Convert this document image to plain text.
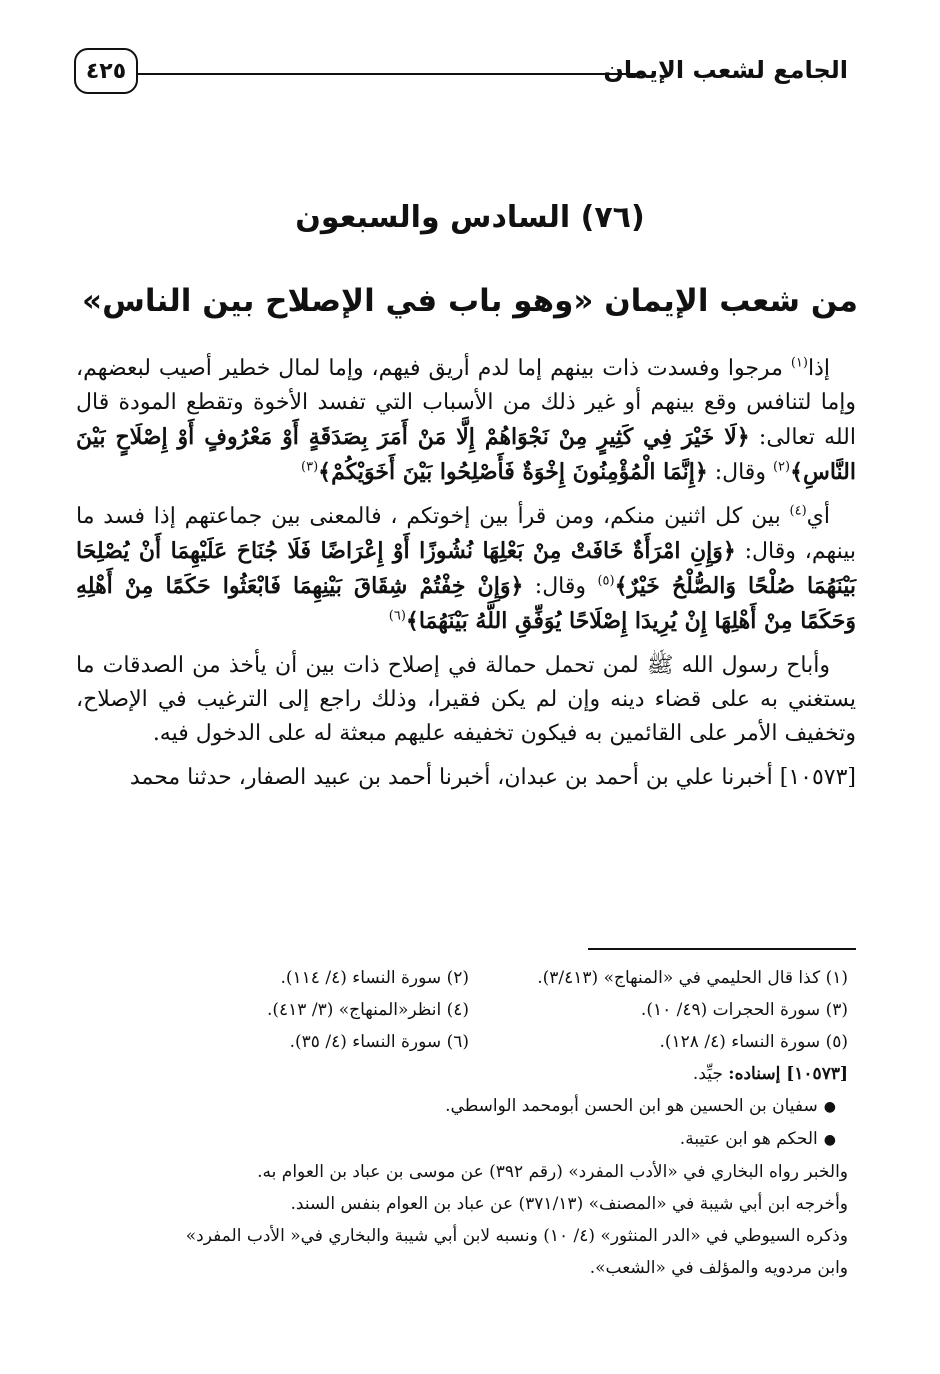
الجامع لشعب الإيمان
٤٢٥
(٧٦) السادس والسبعون
من شعب الإيمان «وهو باب في الإصلاح بين الناس»

إذا$^{(١)}$ مرجوا وفسدت ذات بينهم إما لدم أريق فيهم، وإما لمال خطير أصيب لبعضهم، وإما لتنافس وقع بينهم أو غير ذلك من الأسباب التي تفسد الأخوة وتقطع المودة قال الله تعالى: ﴿لَا خَيْرَ فِي كَثِيرٍ مِنْ نَجْوَاهُمْ إِلَّا مَنْ أَمَرَ بِصَدَقَةٍ أَوْ مَعْرُوفٍ أَوْ إِصْلَاحٍ بَيْنَ النَّاسِ﴾$^{(٢)}$ وقال: ﴿إِنَّمَا الْمُؤْمِنُونَ إِخْوَةٌ فَأَصْلِحُوا بَيْنَ أَخَوَيْكُمْ﴾$^{(٣)}$

أي$^{(٤)}$ بين كل اثنين منكم، ومن قرأ بين إخوتكم ، فالمعنى بين جماعتهم إذا فسد ما بينهم، وقال: ﴿وَإِنِ امْرَأَةٌ خَافَتْ مِنْ بَعْلِهَا نُشُوزًا أَوْ إِعْرَاضًا فَلَا جُنَاحَ عَلَيْهِمَا أَنْ يُصْلِحَا بَيْنَهُمَا صُلْحًا وَالصُّلْحُ خَيْرٌ﴾$^{(٥)}$ وقال: ﴿وَإِنْ خِفْتُمْ شِقَاقَ بَيْنِهِمَا فَابْعَثُوا حَكَمًا مِنْ أَهْلِهِ وَحَكَمًا مِنْ أَهْلِهَا إِنْ يُرِيدَا إِصْلَاحًا يُوَفِّقِ اللَّهُ بَيْنَهُمَا﴾$^{(٦)}$

وأباح رسول الله ﷺ لمن تحمل حمالة في إصلاح ذات بين أن يأخذ من الصدقات ما يستغني به على قضاء دينه وإن لم يكن فقيرا، وذلك راجع إلى الترغيب في الإصلاح، وتخفيف الأمر على القائمين به فيكون تخفيفه عليهم مبعثة له على الدخول فيه.

[١٠٥٧٣] أخبرنا علي بن أحمد بن عبدان، أخبرنا أحمد بن عبيد الصفار، حدثنا محمد

(١) كذا قال الحليمي في «المنهاج» (٣/٤١٣).
(٢) سورة النساء (٤/ ١١٤).
(٣) سورة الحجرات (٤٩/ ١٠).
(٤) انظر«المنهاج» (٣/ ٤١٣).
(٥) سورة النساء (٤/ ١٢٨).
(٦) سورة النساء (٤/ ٣٥).
[١٠٥٧٣] إسناده: جيِّد.
●سفيان بن الحسين هو ابن الحسن أبومحمد الواسطي.
●الحكم هو ابن عتيبة.
والخبر رواه البخاري في «الأدب المفرد» (رقم ٣٩٢) عن موسى بن عباد بن العوام به.
وأخرجه ابن أبي شيبة في «المصنف» (٣٧١/١٣) عن عباد بن العوام بنفس السند.
وذكره السيوطي في «الدر المنثور» (٤/ ١٠) ونسبه لابن أبي شيبة والبخاري في« الأدب المفرد»
وابن مردويه والمؤلف في «الشعب».
